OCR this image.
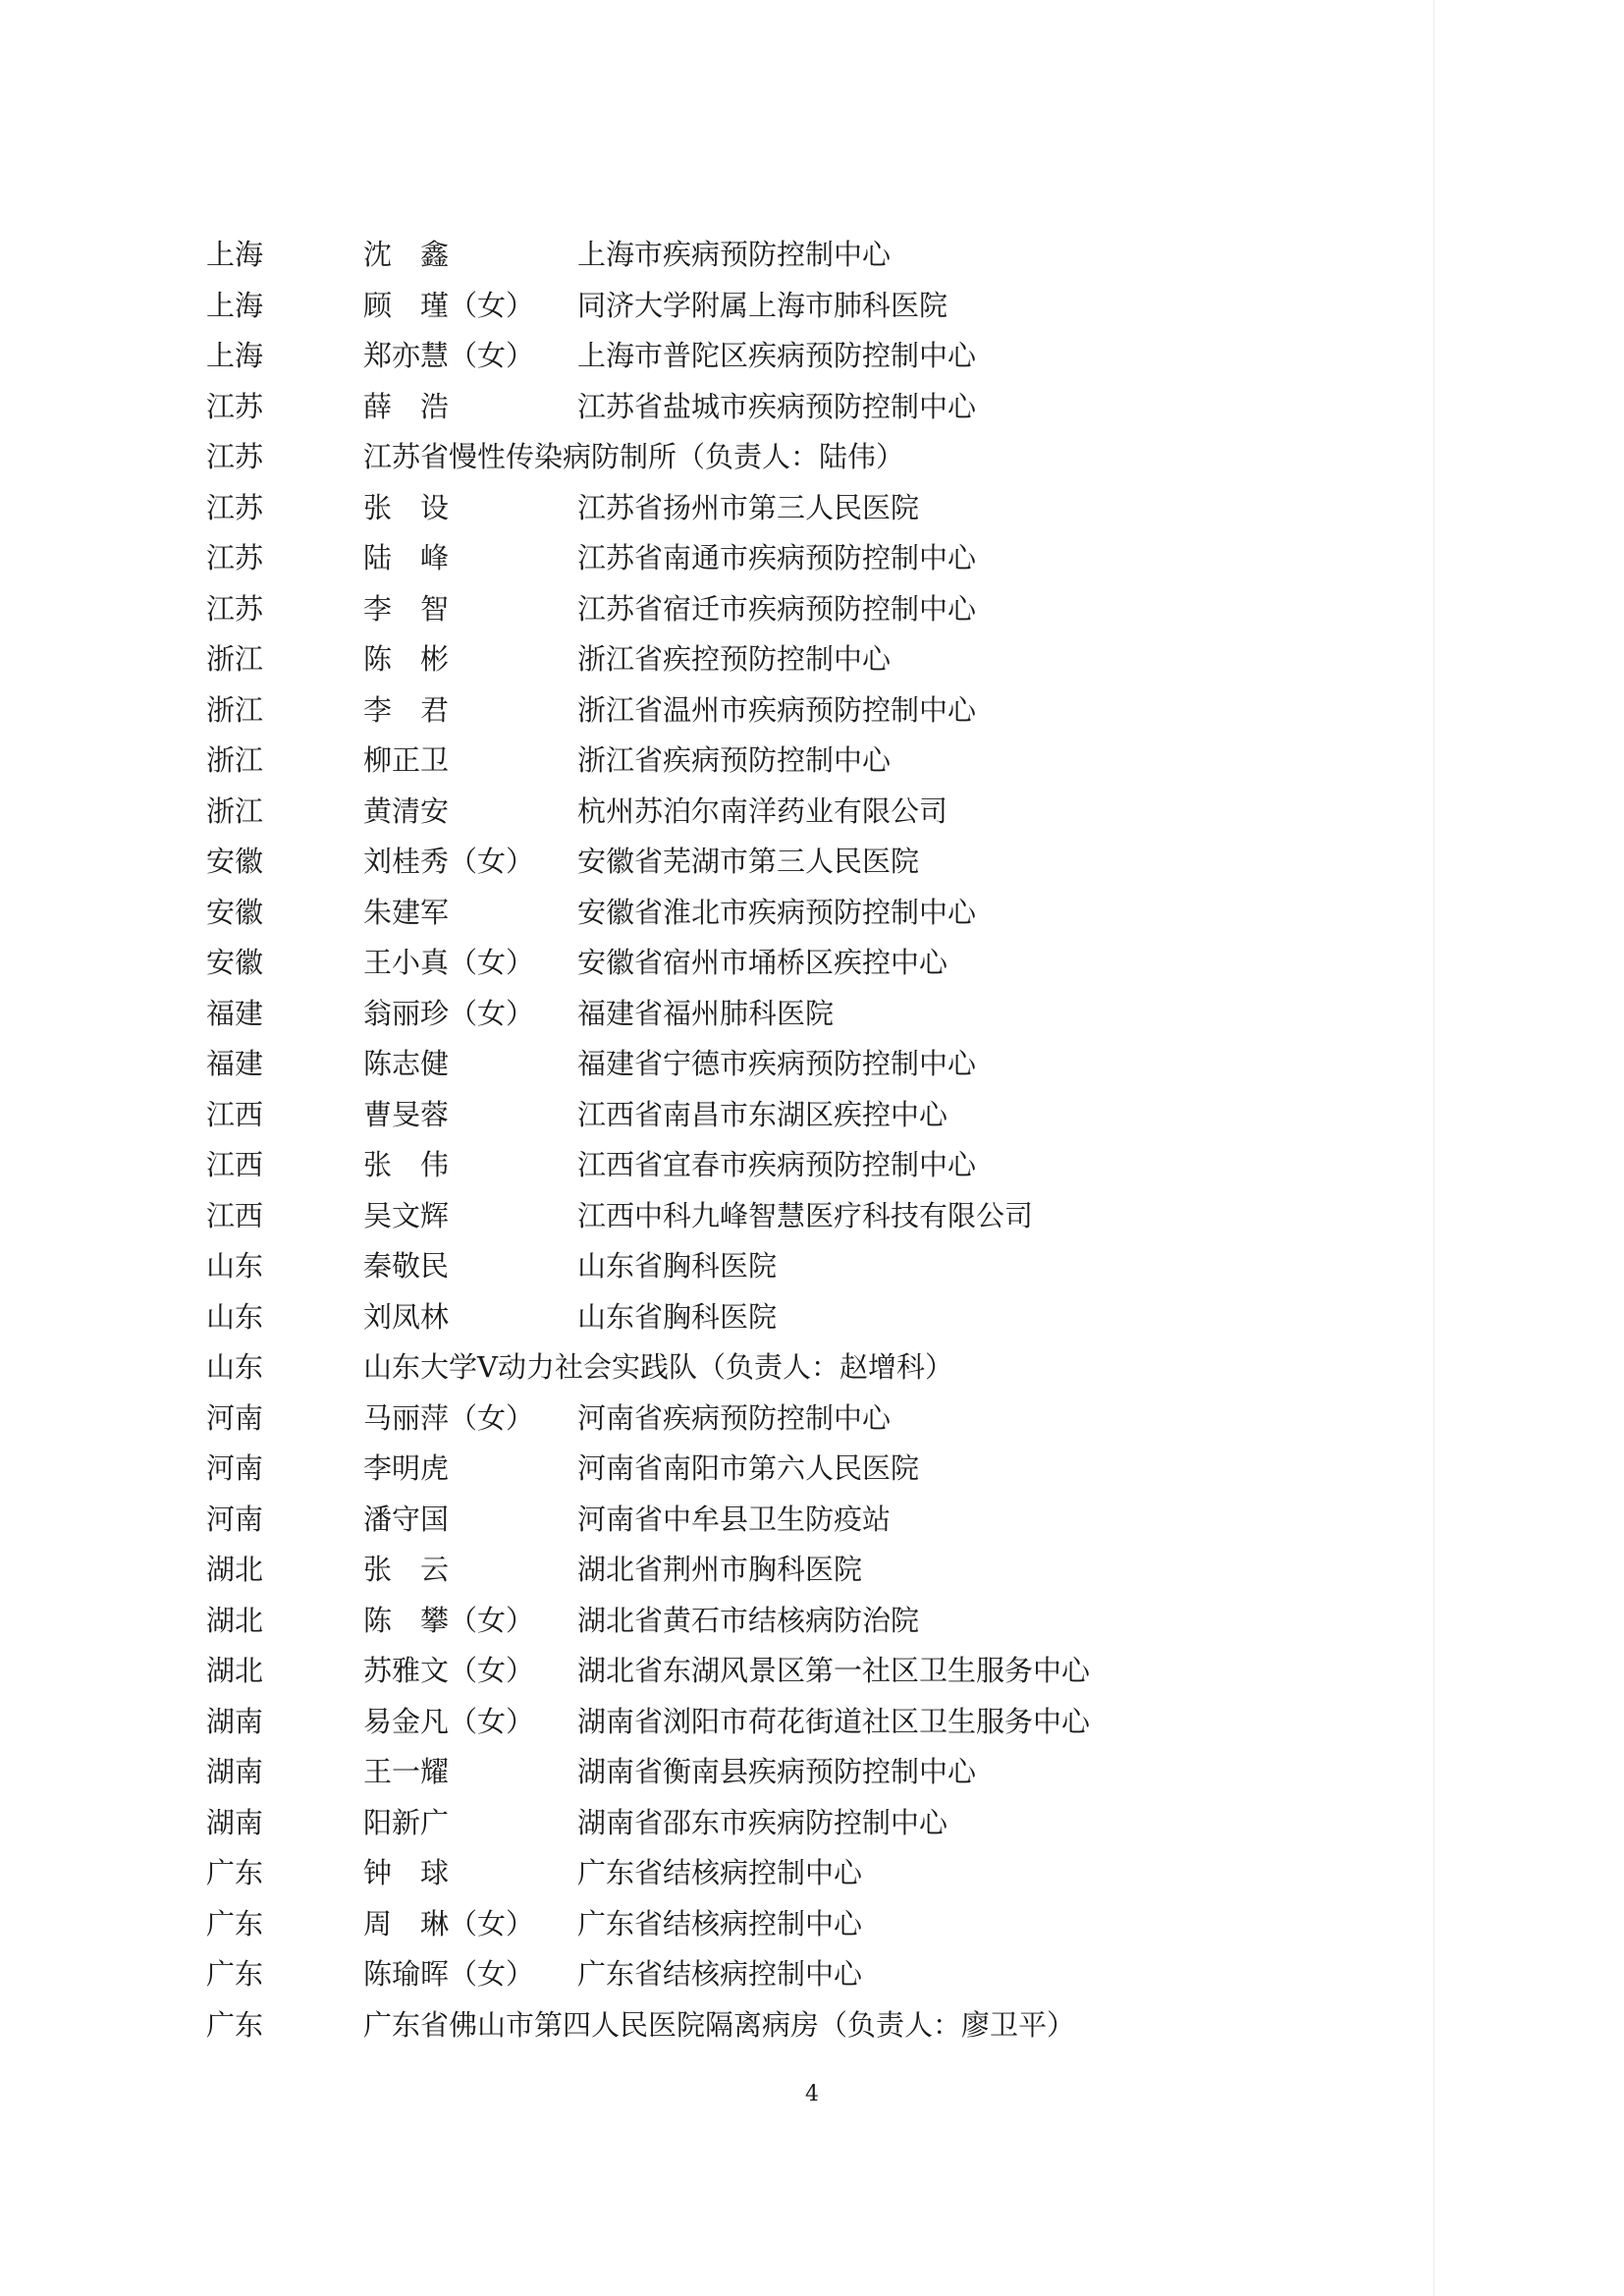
上海	沈　鑫	上海市疾病预防控制中心
上海	顾　瑾（女） 同济大学附属上海市肺科医院
上海	郑亦慧（女） 上海市普陀区疾病预防控制中心
江苏	薛　浩	江苏省盐城市疾病预防控制中心
江苏	江苏省慢性传染病防制所（负责人：陆伟）
江苏	张　设	江苏省扬州市第三人民医院
江苏	陆　峰	江苏省南通市疾病预防控制中心
江苏	李　智	江苏省宿迁市疾病预防控制中心
浙江	陈　彬	浙江省疾控预防控制中心
浙江	李　君	浙江省温州市疾病预防控制中心
浙江	柳正卫	浙江省疾病预防控制中心
浙江	黄清安	杭州苏泊尔南洋药业有限公司
安徽	刘桂秀（女） 安徽省芜湖市第三人民医院
安徽	朱建军	安徽省淮北市疾病预防控制中心
安徽	王小真（女） 安徽省宿州市埇桥区疾控中心
福建	翁丽珍（女） 福建省福州肺科医院
福建	陈志健	福建省宁德市疾病预防控制中心
江西	曹旻蓉	江西省南昌市东湖区疾控中心
江西	张　伟	江西省宜春市疾病预防控制中心
江西	吴文辉	江西中科九峰智慧医疗科技有限公司
山东	秦敬民	山东省胸科医院
山东	刘凤林	山东省胸科医院
山东	山东大学Ⅴ动力社会实践队（负责人：赵增科）
河南	马丽萍（女） 河南省疾病预防控制中心
河南	李明虎	河南省南阳市第六人民医院
河南	潘守国	河南省中牟县卫生防疫站
湖北	张　云	湖北省荆州市胸科医院
湖北	陈　攀（女） 湖北省黄石市结核病防治院
湖北	苏雅文（女） 湖北省东湖风景区第一社区卫生服务中心
湖南	易金凡（女） 湖南省浏阳市荷花街道社区卫生服务中心
湖南	王一耀	湖南省衡南县疾病预防控制中心
湖南	阳新广	湖南省邵东市疾病防控制中心
广东	钟　球	广东省结核病控制中心
广东	周　琳（女） 广东省结核病控制中心
广东	陈瑜晖（女） 广东省结核病控制中心
广东	广东省佛山市第四人民医院隔离病房（负责人：廖卫平）
4
